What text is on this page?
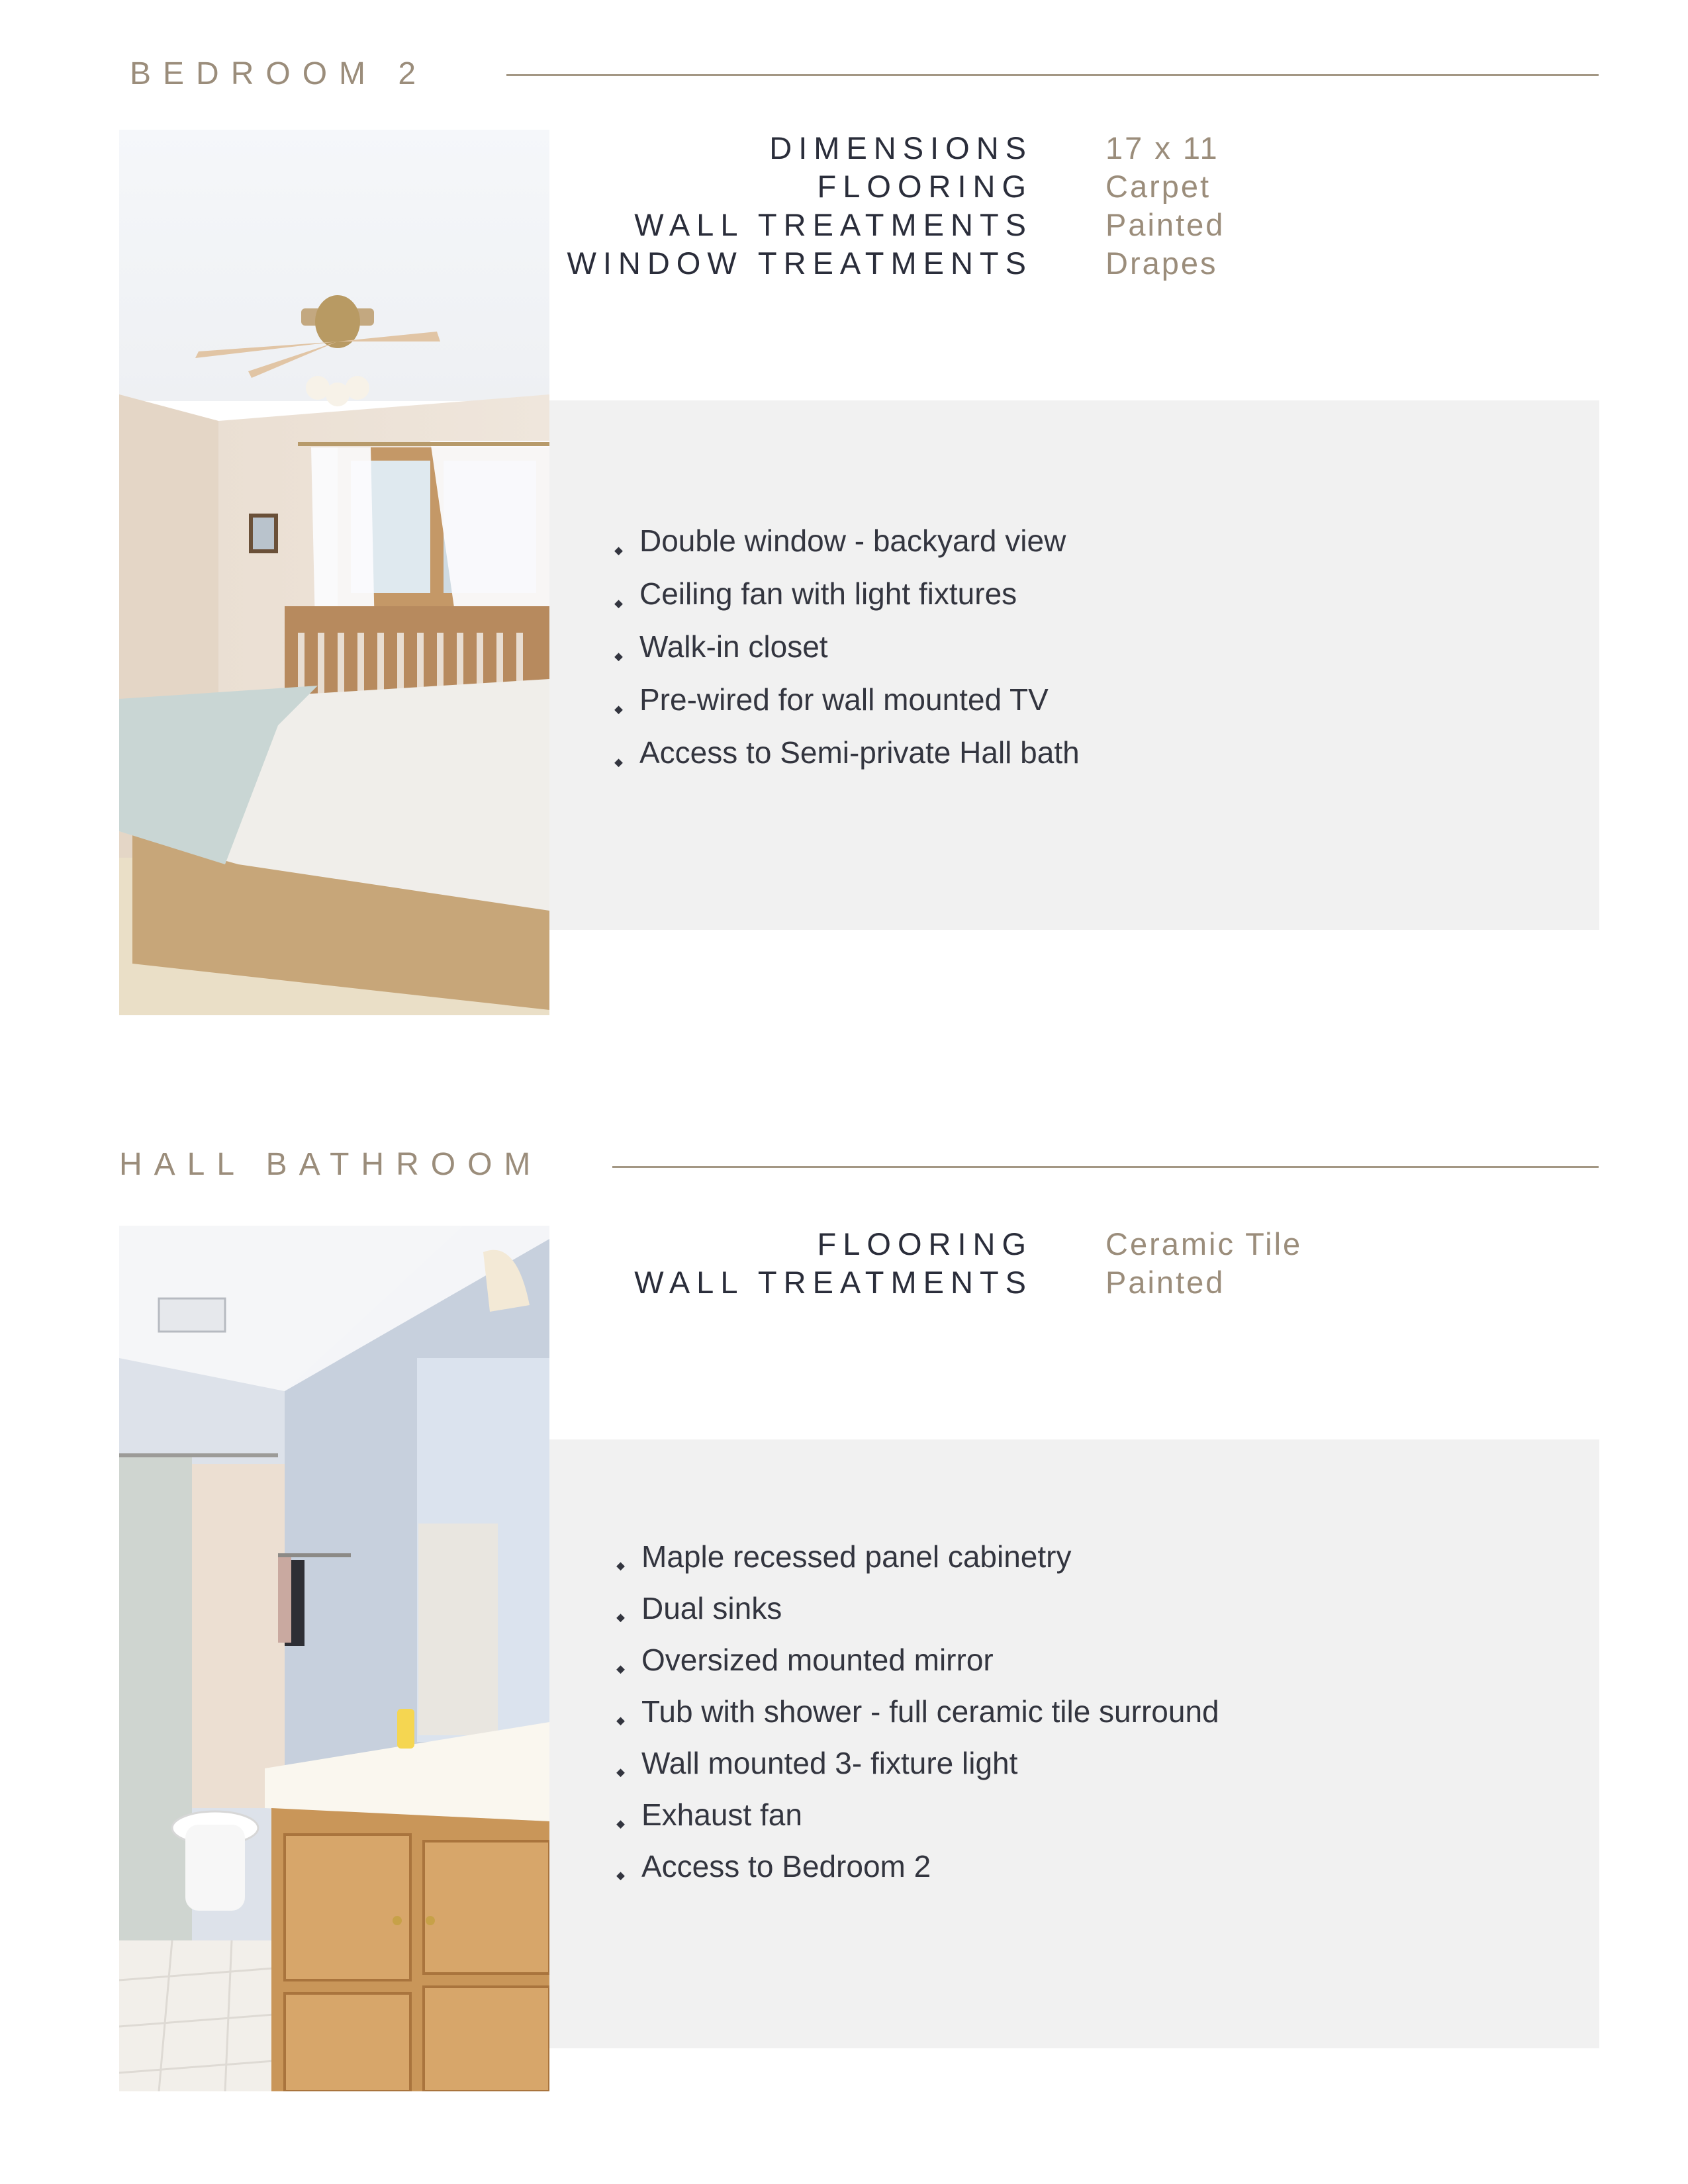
BEDROOM 2
DIMENSIONS 17 x 11
FLOORING Carpet
WALL TREATMENTS Painted
WINDOW TREATMENTS Drapes
Double window - backyard view
Ceiling fan with light fixtures
Walk-in closet
Pre-wired for wall mounted TV
Access to Semi-private Hall bath
HALL BATHROOM
FLOORING Ceramic Tile
WALL TREATMENTS Painted
Maple recessed panel cabinetry
Dual sinks
Oversized mounted mirror
Tub with shower - full ceramic tile surround
Wall mounted 3- fixture light
Exhaust fan
Access to Bedroom 2
